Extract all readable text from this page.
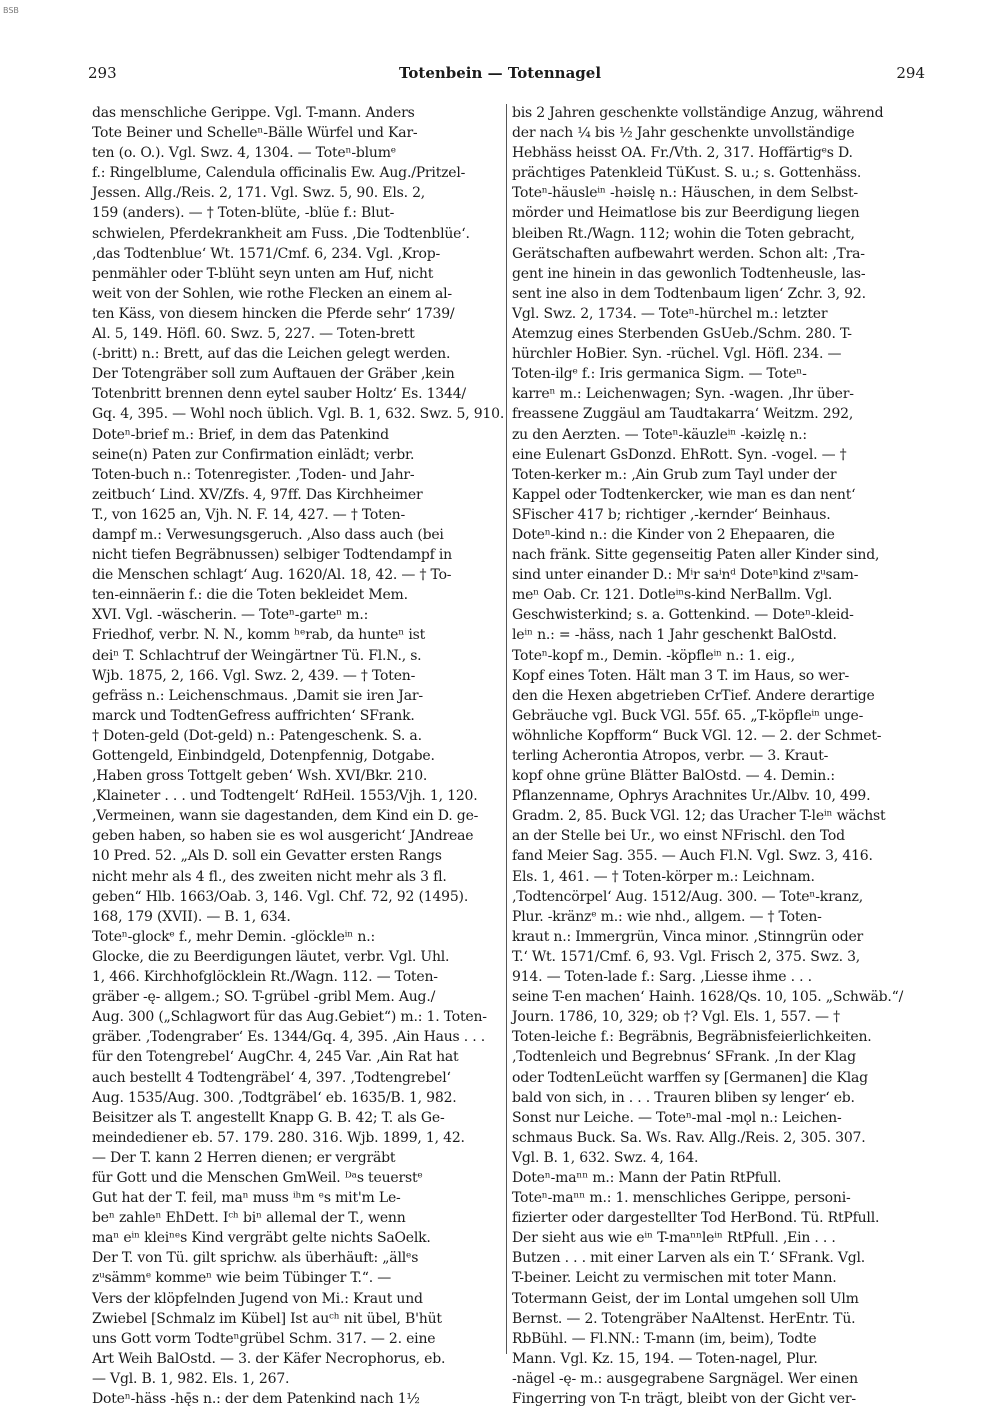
BSB
293	Totenbein — Totennagel	294
das menschliche Gerippe. Vgl. T-mann. Anders
Tote Beiner und Schelleⁿ-Bälle Würfel und Kar-
ten (o. O.). Vgl. Swz. 4, 1304. — Toteⁿ-blumᵉ
f.: Ringelblume, Calendula officinalis Ew. Aug./Pritzel-
Jessen. Allg./Reis. 2, 171. Vgl. Swz. 5, 90. Els. 2,
159 (anders). — † Toten-blüte, -blüe f.: Blut-
schwielen, Pferdekrankheit am Fuss. ‚Die Todtenblüe‘.
‚das Todtenblue‘ Wt. 1571/Cmf. 6, 234. Vgl. ‚Krop-
penmähler oder T-blüht seyn unten am Huf, nicht
weit von der Sohlen, wie rothe Flecken an einem al-
ten Käss, von diesem hincken die Pferde sehr‘ 1739/
Al. 5, 149. Höfl. 60. Swz. 5, 227. — Toten-brett
(-britt) n.: Brett, auf das die Leichen gelegt werden.
Der Totengräber soll zum Auftauen der Gräber ‚kein
Totenbritt brennen denn eytel sauber Holtz‘ Es. 1344/
Gq. 4, 395. — Wohl noch üblich. Vgl. B. 1, 632. Swz. 5, 910.
Doteⁿ-brief m.: Brief, in dem das Patenkind
seine(n) Paten zur Confirmation einlädt; verbr.
Toten-buch n.: Totenregister. ‚Toden- und Jahr-
zeitbuch‘ Lind. XV/Zfs. 4, 97ff. Das Kirchheimer
T., von 1625 an, Vjh. N. F. 14, 427. — † Toten-
dampf m.: Verwesungsgeruch. ‚Also dass auch (bei
nicht tiefen Begräbnussen) selbiger Todtendampf in
die Menschen schlagt‘ Aug. 1620/Al. 18, 42. — † To-
ten-einnäerin f.: die die Toten bekleidet Mem.
XVI. Vgl. -wäscherin. — Toteⁿ-garteⁿ m.:
Friedhof, verbr. N. N., komm ʰᵉrab, da hunteⁿ ist
deiⁿ T. Schlachtruf der Weingärtner Tü. Fl.N., s.
Wjb. 1875, 2, 166. Vgl. Swz. 2, 439. — † Toten-
gefräss n.: Leichenschmaus. ‚Damit sie iren Jar-
marck und TodtenGefress auffrichten‘ SFrank.
† Doten-geld (Dot-geld) n.: Patengeschenk. S. a.
Gottengeld, Einbindgeld, Dotenpfennig, Dotgabe.
‚Haben gross Tottgelt geben‘ Wsh. XVI/Bkr. 210.
‚Klaineter . . . und Todtengelt‘ RdHeil. 1553/Vjh. 1, 120.
‚Vermeinen, wann sie dagestanden, dem Kind ein D. ge-
geben haben, so haben sie es wol ausgericht‘ JAndreae
10 Pred. 52. „Als D. soll ein Gevatter ersten Rangs
nicht mehr als 4 fl., des zweiten nicht mehr als 3 fl.
geben“ Hlb. 1663/Oab. 3, 146. Vgl. Chf. 72, 92 (1495).
168, 179 (XVII). — B. 1, 634.
Toteⁿ-glockᵉ f., mehr Demin. -glöckleⁱⁿ n.:
Glocke, die zu Beerdigungen läutet, verbr. Vgl. Uhl.
1, 466. Kirchhofglöcklein Rt./Wagn. 112. — Toten-
gräber -ę- allgem.; SO. T-grübel -gribl Mem. Aug./
Aug. 300 („Schlagwort für das Aug.Gebiet“) m.: 1. Toten-
gräber. ‚Todengraber‘ Es. 1344/Gq. 4, 395. ‚Ain Haus . . .
für den Totengrebel‘ AugChr. 4, 245 Var. ‚Ain Rat hat
auch bestellt 4 Todtengräbel‘ 4, 397. ‚Todtengrebel‘
Aug. 1535/Aug. 300. ‚Todtgräbel‘ eb. 1635/B. 1, 982.
Beisitzer als T. angestellt Knapp G. B. 42; T. als Ge-
meindediener eb. 57. 179. 280. 316. Wjb. 1899, 1, 42.
— Der T. kann 2 Herren dienen; er vergräbt
für Gott und die Menschen GmWeil. ᴰᵃs teuerstᵉ
Gut hat der T. feil, maⁿ muss ⁱʰm ᵉs mit'm Le-
beⁿ zahleⁿ EhDett. Iᶜʰ biⁿ allemal der T., wenn
maⁿ eⁱⁿ kleiⁿᵉs Kind vergräbt gelte nichts SaOelk.
Der T. von Tü. gilt sprichw. als überhäuft: „ällᵉs
zᵘsämmᵉ kommeⁿ wie beim Tübinger T.“. —
Vers der klöpfelnden Jugend von Mi.: Kraut und
Zwiebel [Schmalz im Kübel] Ist auᶜʰ nit übel, B'hüt
uns Gott vorm Todteⁿgrübel Schm. 317. — 2. eine
Art Weih BalOstd. — 3. der Käfer Necrophorus, eb.
— Vgl. B. 1, 982. Els. 1, 267.
Doteⁿ-häss -hę̄s n.: der dem Patenkind nach 1½
bis 2 Jahren geschenkte vollständige Anzug, während
der nach ¼ bis ½ Jahr geschenkte unvollständige
Hebhäss heisst OA. Fr./Vth. 2, 317. Hoffärtigᵉs D.
prächtiges Patenkleid TüKust. S. u.; s. Gottenhäss.
Toteⁿ-häusleⁱⁿ -həislę n.: Häuschen, in dem Selbst-
mörder und Heimatlose bis zur Beerdigung liegen
bleiben Rt./Wagn. 112; wohin die Toten gebracht,
Gerätschaften aufbewahrt werden. Schon alt: ‚Tra-
gent ine hinein in das gewonlich Todtenheusle, las-
sent ine also in dem Todtenbaum ligen‘ Zchr. 3, 92.
Vgl. Swz. 2, 1734. — Toteⁿ-hürchel m.: letzter
Atemzug eines Sterbenden GsUeb./Schm. 280. T-
hürchler HoBier. Syn. -rüchel. Vgl. Höfl. 234. —
Toten-ilgᵉ f.: Iris germanica Sigm. — Toteⁿ-
karreⁿ m.: Leichenwagen; Syn. -wagen. ‚Ihr über-
freassene Zuggäul am Taudtakarra‘ Weitzm. 292,
zu den Aerzten. — Toteⁿ-käuzleⁱⁿ -kəizlę n.:
eine Eulenart GsDonzd. EhRott. Syn. -vogel. — †
Toten-kerker m.: ‚Ain Grub zum Tayl under der
Kappel oder Todtenkercker, wie man es dan nent‘
SFischer 417 b; richtiger ‚-kernder‘ Beinhaus.
Doteⁿ-kind n.: die Kinder von 2 Ehepaaren, die
nach fränk. Sitte gegenseitig Paten aller Kinder sind,
sind unter einander D.: Mⁱr saⁱnᵈ Doteⁿkind zᵘsam-
meⁿ Oab. Cr. 121. Dotleⁱⁿs-kind NerBallm. Vgl.
Geschwisterkind; s. a. Gottenkind. — Doteⁿ-kleid-
leⁱⁿ n.: = -häss, nach 1 Jahr geschenkt BalOstd.
Toteⁿ-kopf m., Demin. -köpfleⁱⁿ n.: 1. eig.,
Kopf eines Toten. Hält man 3 T. im Haus, so wer-
den die Hexen abgetrieben CrTief. Andere derartige
Gebräuche vgl. Buck VGl. 55f. 65. „T-köpfleⁱⁿ unge-
wöhnliche Kopfform“ Buck VGl. 12. — 2. der Schmet-
terling Acherontia Atropos, verbr. — 3. Kraut-
kopf ohne grüne Blätter BalOstd. — 4. Demin.:
Pflanzenname, Ophrys Arachnites Ur./Albv. 10, 499.
Gradm. 2, 85. Buck VGl. 12; das Uracher T-leⁱⁿ wächst
an der Stelle bei Ur., wo einst NFrischl. den Tod
fand Meier Sag. 355. — Auch Fl.N. Vgl. Swz. 3, 416.
Els. 1, 461. — † Toten-körper m.: Leichnam.
‚Todtencörpel‘ Aug. 1512/Aug. 300. — Toteⁿ-kranz,
Plur. -kränzᵉ m.: wie nhd., allgem. — † Toten-
kraut n.: Immergrün, Vinca minor. ‚Stinngrün oder
T.‘ Wt. 1571/Cmf. 6, 93. Vgl. Frisch 2, 375. Swz. 3,
914. — Toten-lade f.: Sarg. ‚Liesse ihme . . .
seine T-en machen‘ Hainh. 1628/Qs. 10, 105. „Schwäb.“/
Journ. 1786, 10, 329; ob †? Vgl. Els. 1, 557. — †
Toten-leiche f.: Begräbnis, Begräbnisfeierlichkeiten.
‚Todtenleich und Begrebnus‘ SFrank. ‚In der Klag
oder TodtenLeücht warffen sy [Germanen] die Klag
bald von sich, in . . . Trauren bliben sy lenger‘ eb.
Sonst nur Leiche. — Toteⁿ-mal -mǫl n.: Leichen-
schmaus Buck. Sa. Ws. Rav. Allg./Reis. 2, 305. 307.
Vgl. B. 1, 632. Swz. 4, 164.
Doteⁿ-maⁿⁿ m.: Mann der Patin RtPfull.
Toteⁿ-maⁿⁿ m.: 1. menschliches Gerippe, personi-
fizierter oder dargestellter Tod HerBond. Tü. RtPfull.
Der sieht aus wie eⁱⁿ T-maⁿⁿleⁱⁿ RtPfull. ‚Ein . . .
Butzen . . . mit einer Larven als ein T.‘ SFrank. Vgl.
T-beiner. Leicht zu vermischen mit toter Mann.
Totermann Geist, der im Lontal umgehen soll Ulm
Bernst. — 2. Totengräber NaAltenst. HerEntr. Tü.
RbBühl. — Fl.NN.: T-mann (im, beim), Todte
Mann. Vgl. Kz. 15, 194. — Toten-nagel, Plur.
-nägel -ę- m.: ausgegrabene Sargnägel. Wer einen
Fingerring von T-n trägt, bleibt von der Gicht ver-
